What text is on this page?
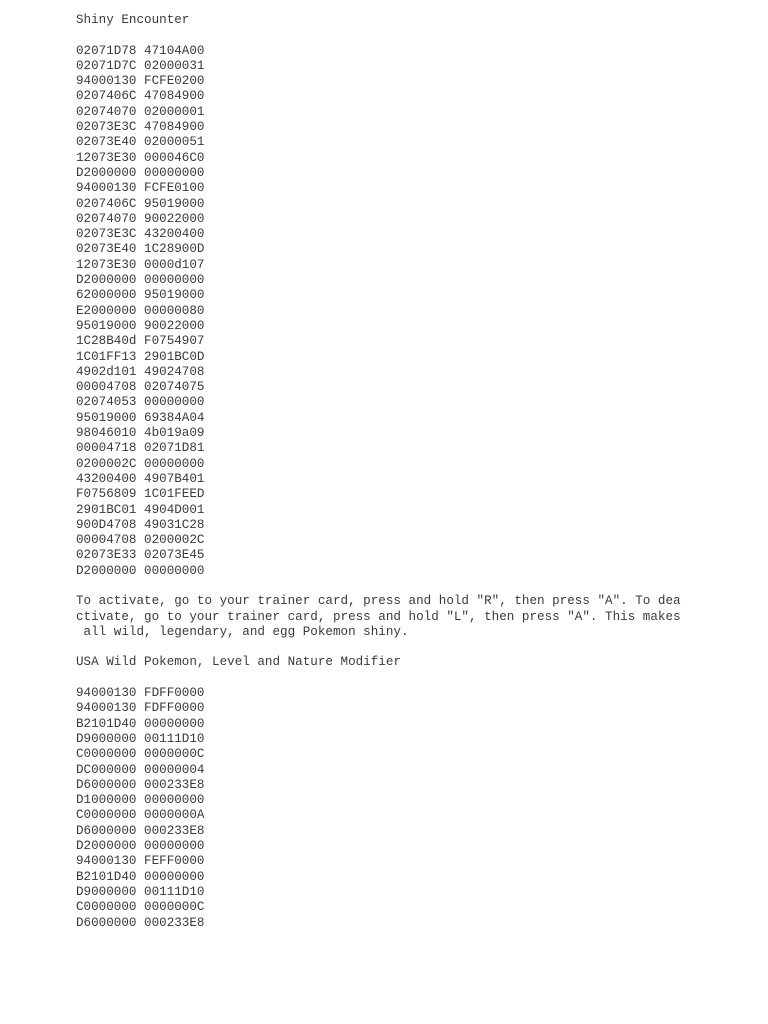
Shiny Encounter
02071D78 47104A00
02071D7C 02000031
94000130 FCFE0200
0207406C 47084900
02074070 02000001
02073E3C 47084900
02073E40 02000051
12073E30 000046C0
D2000000 00000000
94000130 FCFE0100
0207406C 95019000
02074070 90022000
02073E3C 43200400
02073E40 1C28900D
12073E30 0000d107
D2000000 00000000
62000000 95019000
E2000000 00000080
95019000 90022000
1C28B40d F0754907
1C01FF13 2901BC0D
4902d101 49024708
00004708 02074075
02074053 00000000
95019000 69384A04
98046010 4b019a09
00004718 02071D81
0200002C 00000000
43200400 4907B401
F0756809 1C01FEED
2901BC01 4904D001
900D4708 49031C28
00004708 0200002C
02073E33 02073E45
D2000000 00000000
To activate, go to your trainer card, press and hold "R", then press "A". To dea
ctivate, go to your trainer card, press and hold "L", then press "A". This makes
all wild, legendary, and egg Pokemon shiny.
USA Wild Pokemon, Level and Nature Modifier
94000130 FDFF0000
94000130 FDFF0000
B2101D40 00000000
D9000000 00111D10
C0000000 0000000C
DC000000 00000004
D6000000 000233E8
D1000000 00000000
C0000000 0000000A
D6000000 000233E8
D2000000 00000000
94000130 FEFF0000
B2101D40 00000000
D9000000 00111D10
C0000000 0000000C
D6000000 000233E8
